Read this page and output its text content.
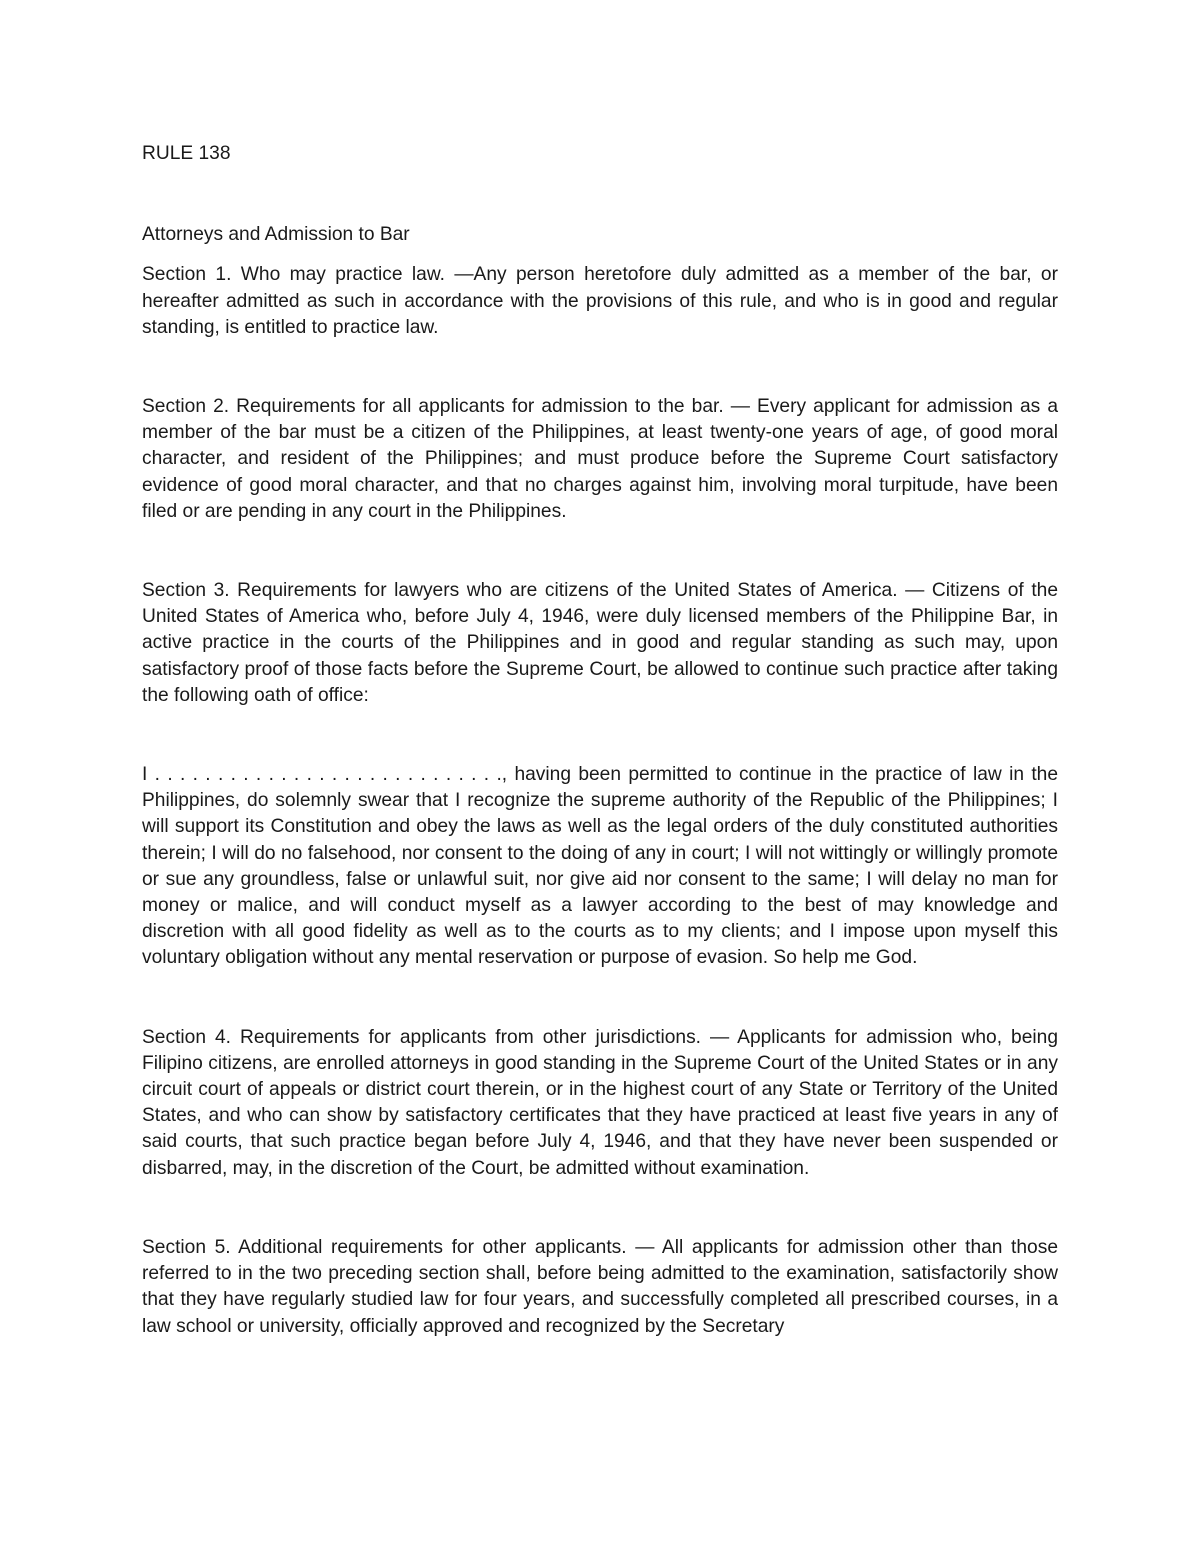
RULE 138
Attorneys and Admission to Bar

Section 1. Who may practice law. —Any person heretofore duly admitted as a member of the bar, or hereafter admitted as such in accordance with the provisions of this rule, and who is in good and regular standing, is entitled to practice law.

Section 2. Requirements for all applicants for admission to the bar. — Every applicant for admission as a member of the bar must be a citizen of the Philippines, at least twenty-one years of age, of good moral character, and resident of the Philippines; and must produce before the Supreme Court satisfactory evidence of good moral character, and that no charges against him, involving moral turpitude, have been filed or are pending in any court in the Philippines.

Section 3. Requirements for lawyers who are citizens of the United States of America. — Citizens of the United States of America who, before July 4, 1946, were duly licensed members of the Philippine Bar, in active practice in the courts of the Philippines and in good and regular standing as such may, upon satisfactory proof of those facts before the Supreme Court, be allowed to continue such practice after taking the following oath of office:

I . . . . . . . . . . . . . . . . . . . . . . . . . . . ., having been permitted to continue in the practice of law in the Philippines, do solemnly swear that I recognize the supreme authority of the Republic of the Philippines; I will support its Constitution and obey the laws as well as the legal orders of the duly constituted authorities therein; I will do no falsehood, nor consent to the doing of any in court; I will not wittingly or willingly promote or sue any groundless, false or unlawful suit, nor give aid nor consent to the same; I will delay no man for money or malice, and will conduct myself as a lawyer according to the best of may knowledge and discretion with all good fidelity as well as to the courts as to my clients; and I impose upon myself this voluntary obligation without any mental reservation or purpose of evasion. So help me God.

Section 4. Requirements for applicants from other jurisdictions. — Applicants for admission who, being Filipino citizens, are enrolled attorneys in good standing in the Supreme Court of the United States or in any circuit court of appeals or district court therein, or in the highest court of any State or Territory of the United States, and who can show by satisfactory certificates that they have practiced at least five years in any of said courts, that such practice began before July 4, 1946, and that they have never been suspended or disbarred, may, in the discretion of the Court, be admitted without examination.

Section 5. Additional requirements for other applicants. — All applicants for admission other than those referred to in the two preceding section shall, before being admitted to the examination, satisfactorily show that they have regularly studied law for four years, and successfully completed all prescribed courses, in a law school or university, officially approved and recognized by the Secretary
